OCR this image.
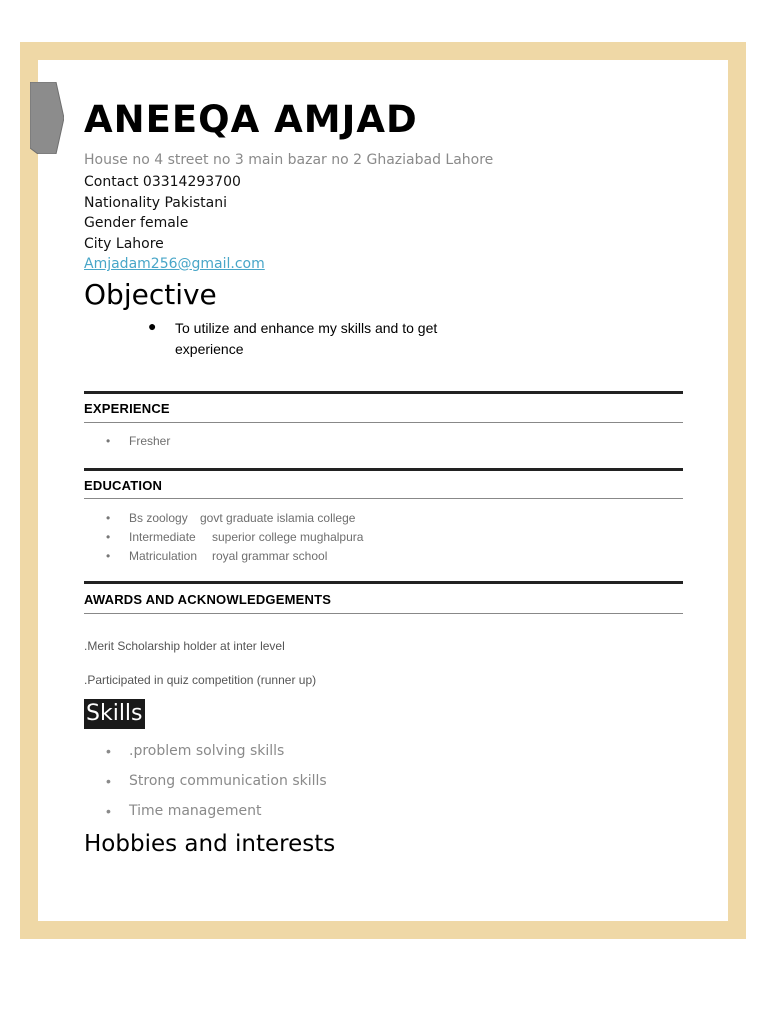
ANEEQA AMJAD
House no 4 street no 3 main bazar no 2 Ghaziabad Lahore
Contact 03314293700
Nationality Pakistani
Gender female
City Lahore
Amjadam256@gmail.com
Objective
● To utilize and enhance my skills and to get experience
EXPERIENCE
• Fresher
EDUCATION
• Bs zoology govt graduate islamia college
• Intermediate superior college mughalpura
• Matriculation royal grammar school
AWARDS AND ACKNOWLEDGEMENTS
.Merit Scholarship holder at inter level
.Participated in quiz competition (runner up)
Skills
• .problem solving skills
• Strong communication skills
• Time management
Hobbies and interests
